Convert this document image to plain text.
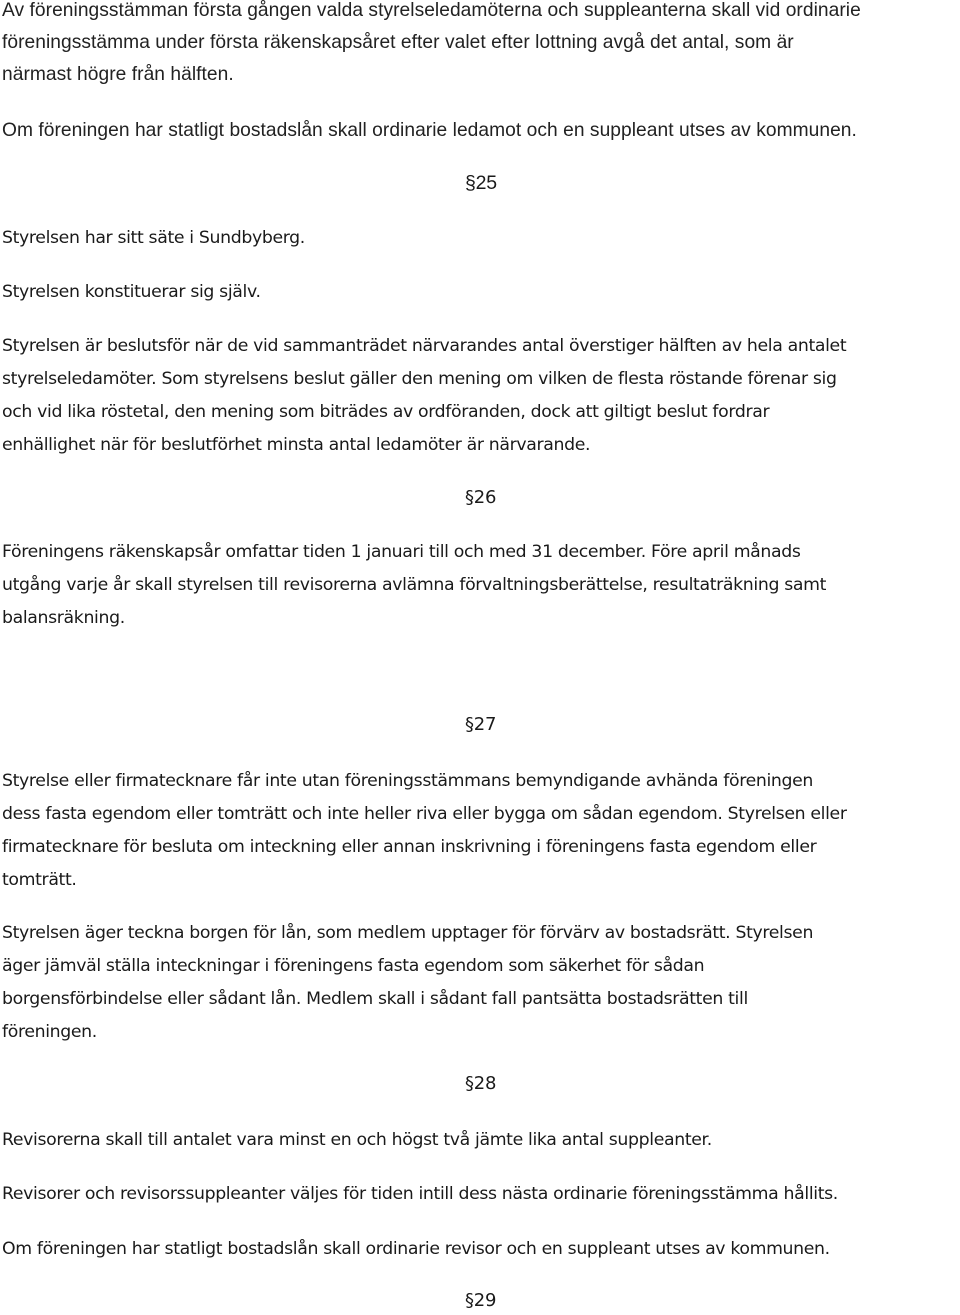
Av föreningsstämman första gången valda styrelseledamöterna och suppleanterna skall vid ordinarie
föreningsstämma under första räkenskapsåret efter valet efter lottning avgå det antal, som är
närmast högre från hälften.

Om föreningen har statligt bostadslån skall ordinarie ledamot och en suppleant utses av kommunen.

§25

Styrelsen har sitt säte i Sundbyberg.

Styrelsen konstituerar sig själv.

Styrelsen är beslutsför när de vid sammanträdet närvarandes antal överstiger hälften av hela antalet
styrelseledamöter. Som styrelsens beslut gäller den mening om vilken de flesta röstande förenar sig
och vid lika röstetal, den mening som biträdes av ordföranden, dock att giltigt beslut fordrar
enhällighet när för beslutförhet minsta antal ledamöter är närvarande.

§26

Föreningens räkenskapsår omfattar tiden 1 januari till och med 31 december. Före april månads
utgång varje år skall styrelsen till revisorerna avlämna förvaltningsberättelse, resultaträkning samt
balansräkning.

§27

Styrelse eller firmatecknare får inte utan föreningsstämmans bemyndigande avhända föreningen
dess fasta egendom eller tomträtt och inte heller riva eller bygga om sådan egendom. Styrelsen eller
firmatecknare för besluta om inteckning eller annan inskrivning i föreningens fasta egendom eller
tomträtt.

Styrelsen äger teckna borgen för lån, som medlem upptager för förvärv av bostadsrätt. Styrelsen
äger jämväl ställa inteckningar i föreningens fasta egendom som säkerhet för sådan
borgensförbindelse eller sådant lån. Medlem skall i sådant fall pantsätta bostadsrätten till
föreningen.

§28

Revisorerna skall till antalet vara minst en och högst två jämte lika antal suppleanter.

Revisorer och revisorssuppleanter väljes för tiden intill dess nästa ordinarie föreningsstämma hållits.

Om föreningen har statligt bostadslån skall ordinarie revisor och en suppleant utses av kommunen.

§29
